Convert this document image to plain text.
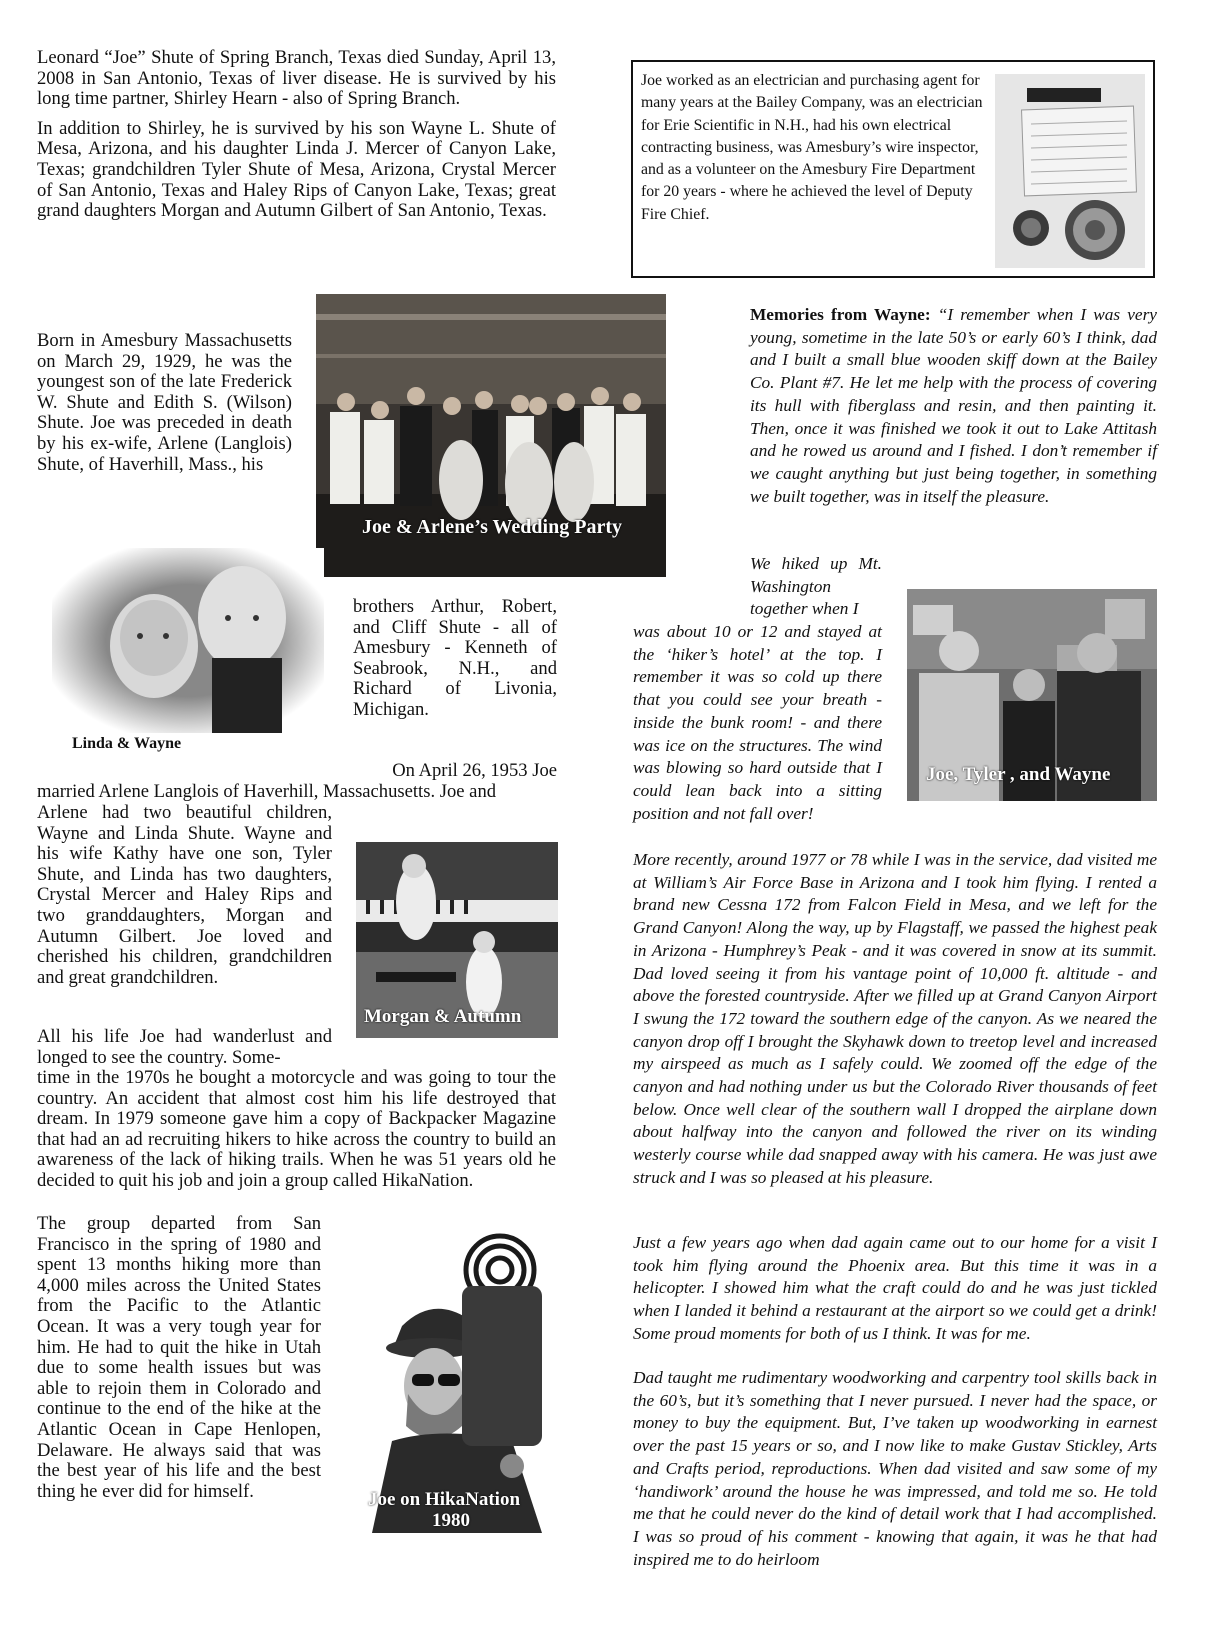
Leonard “Joe” Shute of Spring Branch, Texas died Sunday, April 13, 2008 in San Antonio, Texas of liver disease. He is survived by his long time partner, Shirley Hearn - also of Spring Branch.

In addition to Shirley, he is survived by his son Wayne L. Shute of Mesa, Arizona, and his daughter Linda J. Mercer of Canyon Lake, Texas; grandchildren Tyler Shute of Mesa, Arizona, Crystal Mercer of San Antonio, Texas and Haley Rips of Canyon Lake, Texas; great grand daughters Morgan and Autumn Gilbert of San Antonio, Texas.

Born in Amesbury Massachusetts on March 29, 1929, he was the youngest son of the late Frederick W. Shute and Edith S. (Wilson) Shute. Joe was preceded in death by his ex-wife, Arlene (Langlois) Shute, of Haverhill, Mass., his

Joe & Arlene’s Wedding Party
Linda & Wayne

brothers Arthur, Robert, and Cliff Shute - all of Amesbury - Kenneth of Seabrook, N.H., and Richard of Livonia, Michigan.

On April 26, 1953 Joe

married Arlene Langlois of Haverhill, Massachusetts. Joe and

Arlene had two beautiful children, Wayne and Linda Shute. Wayne and his wife Kathy have one son, Tyler Shute, and Linda has two daughters, Crystal Mercer and Haley Rips and two granddaughters, Morgan and Autumn Gilbert. Joe loved and cherished his children, grandchildren and great grandchildren.

Morgan & Autumn

All his life Joe had wanderlust and longed to see the country. Some-

time in the 1970s he bought a motorcycle and was going to tour the country. An accident that almost cost him his life destroyed that dream. In 1979 someone gave him a copy of Backpacker Magazine that had an ad recruiting hikers to hike across the country to build an awareness of the lack of hiking trails. When he was 51 years old he decided to quit his job and join a group called HikaNation.

The group departed from San Francisco in the spring of 1980 and spent 13 months hiking more than 4,000 miles across the United States from the Pacific to the Atlantic Ocean. It was a very tough year for him. He had to quit the hike in Utah due to some health issues but was able to rejoin them in Colorado and continue to the end of the hike at the Atlantic Ocean in Cape Henlopen, Delaware. He always said that was the best year of his life and the best thing he ever did for himself.	Joe on HikaNation
1980

Joe worked as an electrician and purchasing agent for many years at the Bailey Company, was an electrician for Erie Scientific in N.H., had his own electrical contracting business, was Amesbury’s wire inspector, and as a volunteer on the Amesbury Fire Department for 20 years - where he achieved the level of Deputy Fire Chief.

Memories from Wayne: “I remember when I was very young, sometime in the late 50’s or early 60’s I think, dad and I built a small blue wooden skiff down at the Bailey Co. Plant #7. He let me help with the process of covering its hull with fiberglass and resin, and then painting it. Then, once it was finished we took it out to Lake Attitash and he rowed us around and I fished. I don’t remember if we caught anything but just being together, in something we built together, was in itself the pleasure.

We hiked up Mt. Washington together when I

was about 10 or 12 and stayed at the ‘hiker’s hotel’ at the top. I remember it was so cold up there that you could see your breath - inside the bunk room! - and there was ice on the structures. The wind was blowing so hard outside that I could lean back into a sitting position and not fall over!

Joe, Tyler , and Wayne

More recently, around 1977 or 78 while I was in the service, dad visited me at William’s Air Force Base in Arizona and I took him flying. I rented a brand new Cessna 172 from Falcon Field in Mesa, and we left for the Grand Canyon! Along the way, up by Flagstaff, we passed the highest peak in Arizona - Humphrey’s Peak - and it was covered in snow at its summit. Dad loved seeing it from his vantage point of 10,000 ft. altitude - and above the forested countryside. After we filled up at Grand Canyon Airport I swung the 172 toward the southern edge of the canyon. As we neared the canyon drop off I brought the Skyhawk down to treetop level and increased my airspeed as much as I safely could. We zoomed off the edge of the canyon and had nothing under us but the Colorado River thousands of feet below. Once well clear of the southern wall I dropped the airplane down about halfway into the canyon and followed the river on its winding westerly course while dad snapped away with his camera. He was just awe struck and I was so pleased at his pleasure.

Just a few years ago when dad again came out to our home for a visit I took him flying around the Phoenix area. But this time it was in a helicopter. I showed him what the craft could do and he was just tickled when I landed it behind a restaurant at the airport so we could get a drink! Some proud moments for both of us I think. It was for me.

Dad taught me rudimentary woodworking and carpentry tool skills back in the 60’s, but it’s something that I never pursued. I never had the space, or money to buy the equipment. But, I’ve taken up woodworking in earnest over the past 15 years or so, and I now like to make Gustav Stickley, Arts and Crafts period, reproductions. When dad visited and saw some of my ‘handiwork’ around the house he was impressed, and told me so. He told me that he could never do the kind of detail work that I had accomplished. I was so proud of his comment - knowing that again, it was he that had inspired me to do heirloom
